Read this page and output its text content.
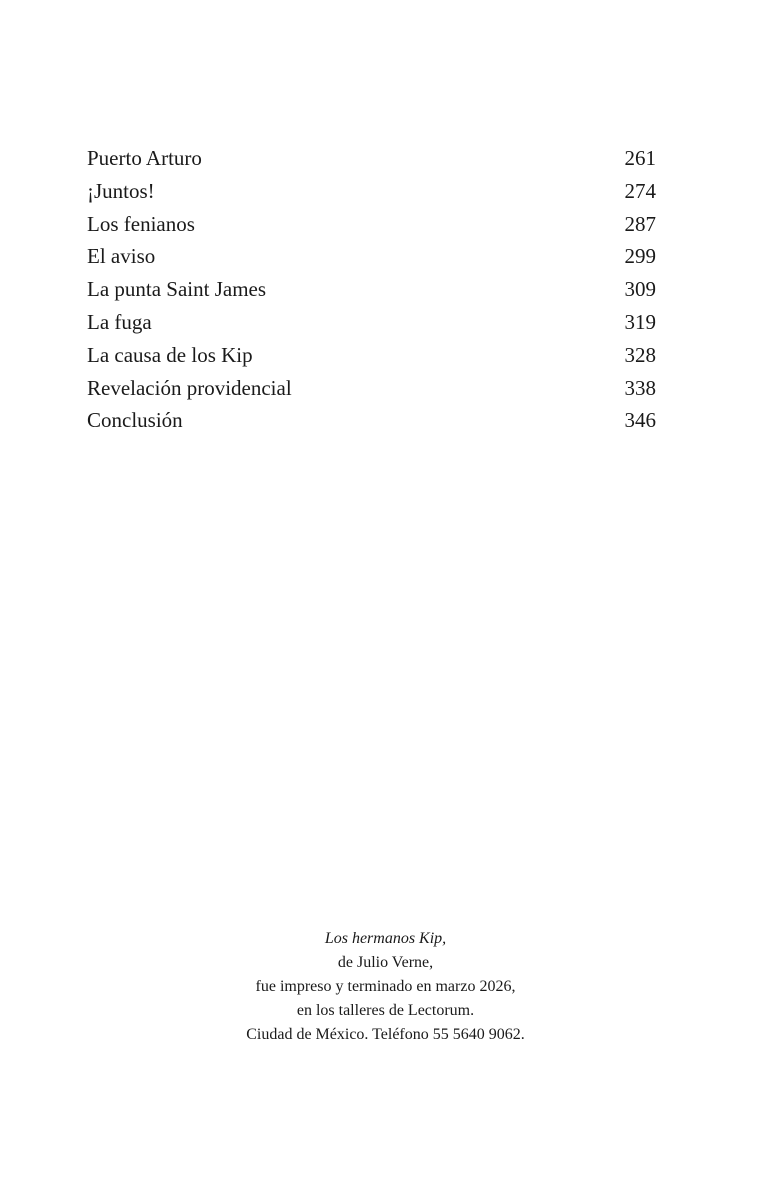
Puerto Arturo	261
¡Juntos!	274
Los fenianos	287
El aviso	299
La punta Saint James	309
La fuga	319
La causa de los Kip	328
Revelación providencial	338
Conclusión	346
Los hermanos Kip,
de Julio Verne,
fue impreso y terminado en marzo 2026,
en los talleres de Lectorum.
Ciudad de México. Teléfono 55 5640 9062.
